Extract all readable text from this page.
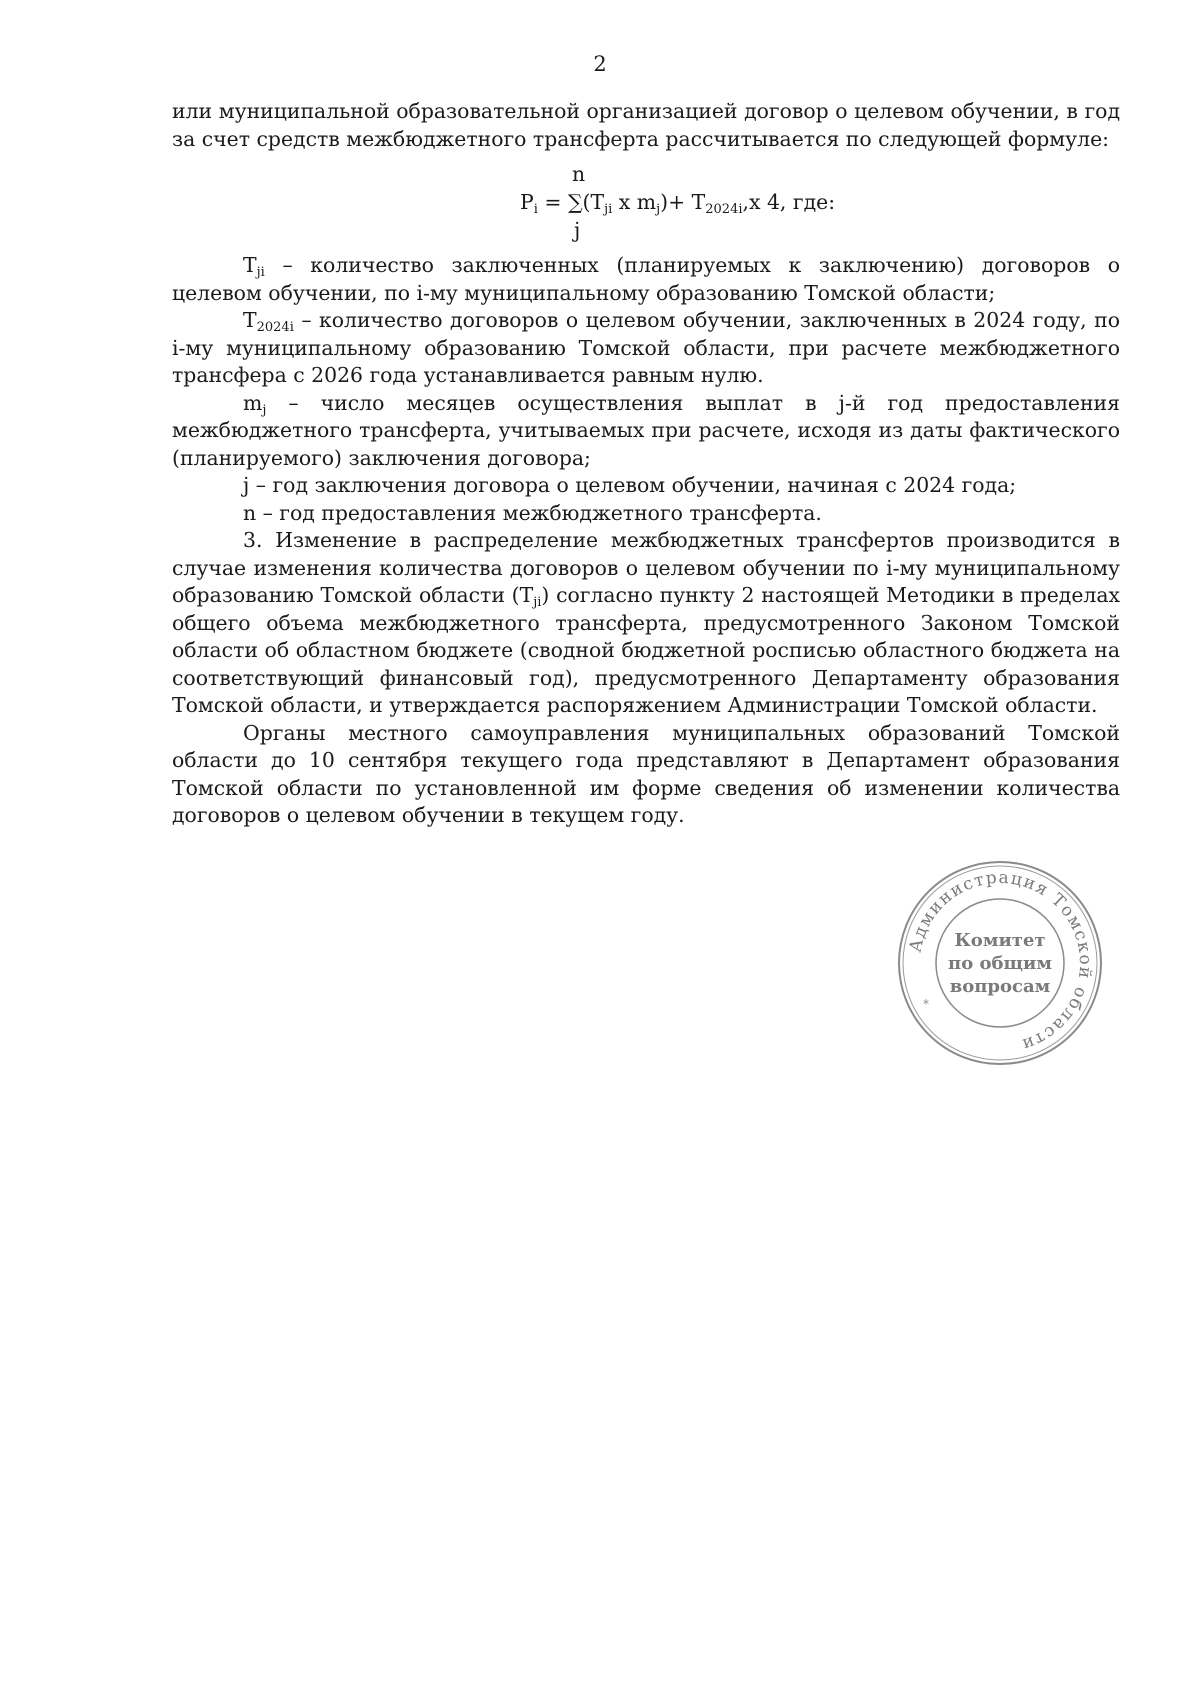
2

или муниципальной образовательной организацией договор о целевом обучении, в год

за счет средств межбюджетного трансферта рассчитывается по следующей формуле:

n
$P_i = \sum(T_{ji}$ x $m_j)+ T_{2024i},x$ 4, где:
j

$T_{ji}$ – количество заключенных (планируемых к заключению) договоров о целевом обучении, по i-му муниципальному образованию Томской области;

$T_{2024i}$ – количество договоров о целевом обучении, заключенных в 2024 году, по i-му муниципальному образованию Томской области, при расчете межбюджетного трансфера с 2026 года устанавливается равным нулю.

$m_j$ – число месяцев осуществления выплат в j-й год предоставления межбюджетного трансферта, учитываемых при расчете, исходя из даты фактического (планируемого) заключения договора;

j – год заключения договора о целевом обучении, начиная с 2024 года;

n – год предоставления межбюджетного трансферта.

3. Изменение в распределение межбюджетных трансфертов производится в случае изменения количества договоров о целевом обучении по i-му муниципальному образованию Томской области $(T_{ji})$ согласно пункту 2 настоящей Методики в пределах общего объема межбюджетного трансферта, предусмотренного Законом Томской области об областном бюджете (сводной бюджетной росписью областного бюджета на соответствующий финансовый год), предусмотренного Департаменту образования Томской области, и утверждается распоряжением Администрации Томской области.

Органы местного самоуправления муниципальных образований Томской области до 10 сентября текущего года представляют в Департамент образования Томской области по установленной им форме сведения об изменении количества договоров о целевом обучении в текущем году.

Администрация Томской области
*
Комитет
по общим
вопросам
